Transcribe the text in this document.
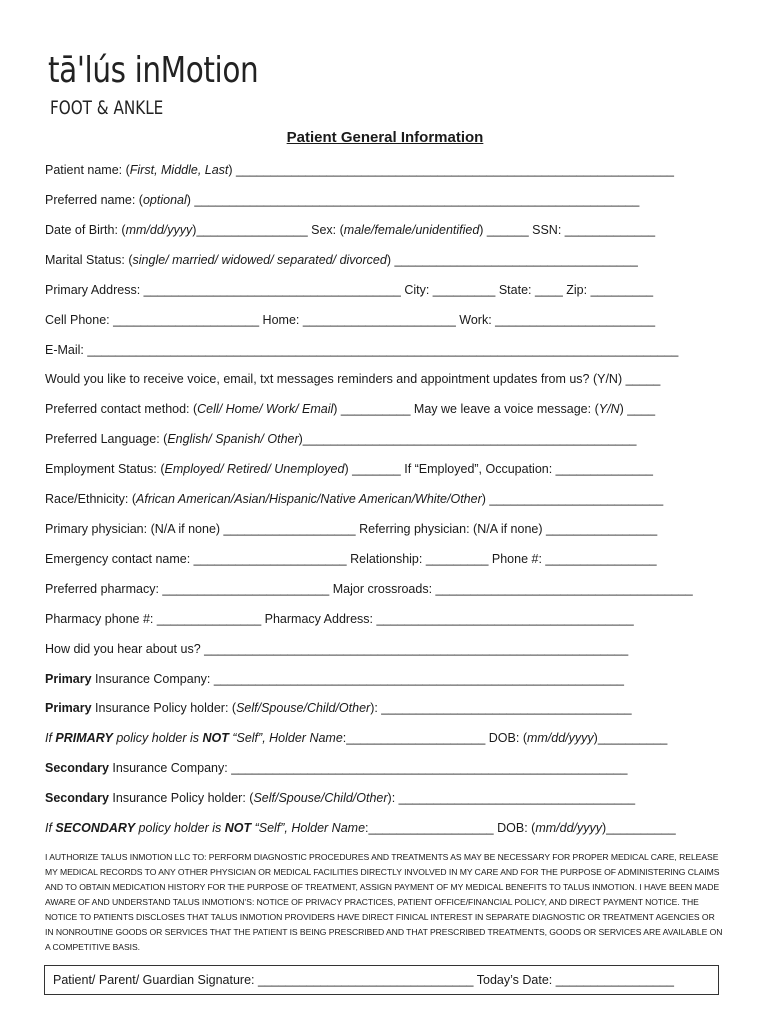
tā'lús inMotion
FOOT & ANKLE
Patient General Information
Patient name: (First, Middle, Last) _______________________________________________________________
Preferred name: (optional) ________________________________________________________________
Date of Birth: (mm/dd/yyyy)________________ Sex: (male/female/unidentified) ______ SSN: _____________
Marital Status: (single/ married/ widowed/ separated/ divorced) ___________________________________
Primary Address: _____________________________________ City: _________ State: ____ Zip: _________
Cell Phone: _____________________ Home: ______________________ Work: _______________________
E-Mail: _____________________________________________________________________________________
Would you like to receive voice, email, txt messages reminders and appointment updates from us? (Y/N) _____
Preferred contact method: (Cell/ Home/ Work/ Email) __________ May we leave a voice message: (Y/N) ____
Preferred Language: (English/ Spanish/ Other)________________________________________________
Employment Status: (Employed/ Retired/ Unemployed) _______ If “Employed”, Occupation: ______________
Race/Ethnicity: (African American/Asian/Hispanic/Native American/White/Other) _________________________
Primary physician: (N/A if none) ___________________ Referring physician: (N/A if none) ________________
Emergency contact name: ______________________ Relationship: _________ Phone #: ________________
Preferred pharmacy: ________________________ Major crossroads: _____________________________________
Pharmacy phone #: _______________ Pharmacy Address: _____________________________________
How did you hear about us? _____________________________________________________________
Primary Insurance Company: ___________________________________________________________
Primary Insurance Policy holder: (Self/Spouse/Child/Other): ____________________________________
If PRIMARY policy holder is NOT “Self”, Holder Name:____________________ DOB: (mm/dd/yyyy)__________
Secondary Insurance Company: _________________________________________________________
Secondary Insurance Policy holder: (Self/Spouse/Child/Other): __________________________________
If SECONDARY policy holder is NOT “Self”, Holder Name:__________________ DOB: (mm/dd/yyyy)__________
I AUTHORIZE TALUS INMOTION LLC TO: PERFORM DIAGNOSTIC PROCEDURES AND TREATMENTS AS MAY BE NECESSARY FOR PROPER MEDICAL CARE, RELEASE MY MEDICAL RECORDS TO ANY OTHER PHYSICIAN OR MEDICAL FACILITIES DIRECTLY INVOLVED IN MY CARE AND FOR THE PURPOSE OF ADMINISTERING CLAIMS AND TO OBTAIN MEDICATION HISTORY FOR THE PURPOSE OF TREATMENT, ASSIGN PAYMENT OF MY MEDICAL BENEFITS TO TALUS INMOTION. I HAVE BEEN MADE AWARE OF AND UNDERSTAND TALUS INMOTION’S: NOTICE OF PRIVACY PRACTICES, PATIENT OFFICE/FINANCIAL POLICY, AND DIRECT PAYMENT NOTICE. THE NOTICE TO PATIENTS DISCLOSES THAT TALUS INMOTION PROVIDERS HAVE DIRECT FINICAL INTEREST IN SEPARATE DIAGNOSTIC OR TREATMENT AGENCIES OR IN NONROUTINE GOODS OR SERVICES THAT THE PATIENT IS BEING PRESCRIBED AND THAT PRESCRIBED TREATMENTS, GOODS OR SERVICES ARE AVAILABLE ON A COMPETITIVE BASIS.
Patient/ Parent/ Guardian Signature: _______________________________ Today’s Date: _________________
